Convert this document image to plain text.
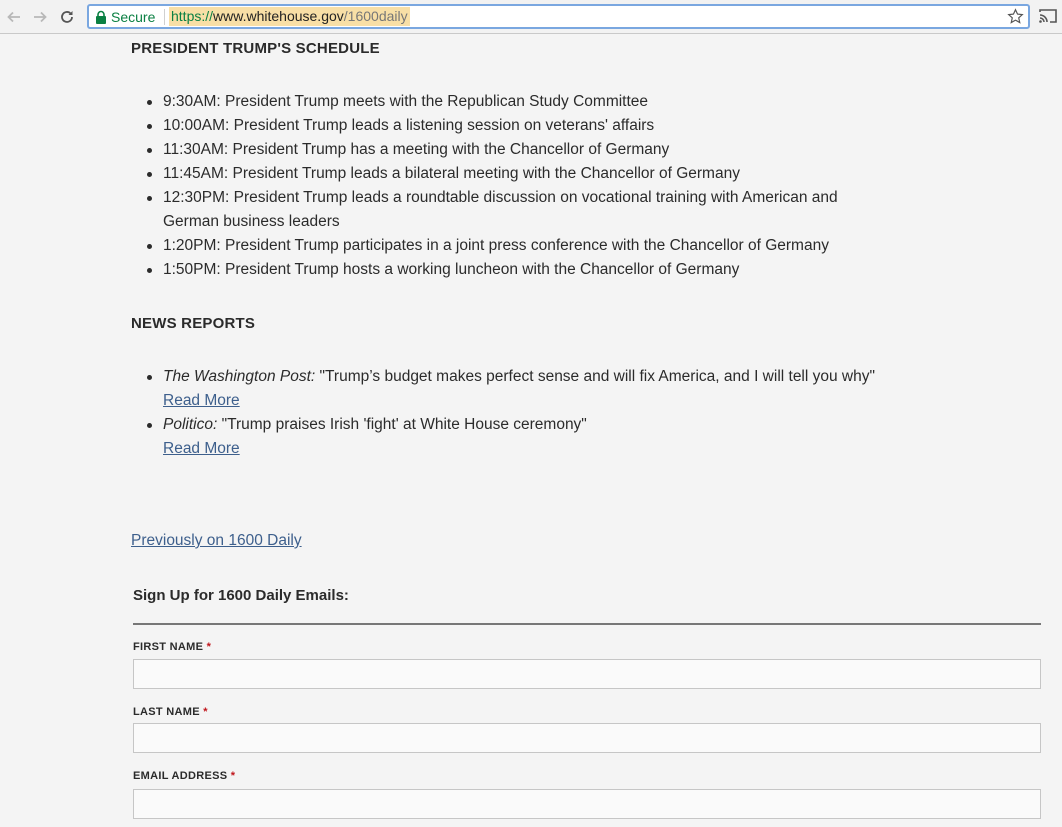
Secure https://www.whitehouse.gov/1600daily
PRESIDENT TRUMP'S SCHEDULE
9:30AM: President Trump meets with the Republican Study Committee
10:00AM: President Trump leads a listening session on veterans' affairs
11:30AM: President Trump has a meeting with the Chancellor of Germany
11:45AM: President Trump leads a bilateral meeting with the Chancellor of Germany
12:30PM: President Trump leads a roundtable discussion on vocational training with American and German business leaders
1:20PM: President Trump participates in a joint press conference with the Chancellor of Germany
1:50PM: President Trump hosts a working luncheon with the Chancellor of Germany
NEWS REPORTS
The Washington Post: "Trump’s budget makes perfect sense and will fix America, and I will tell you why"
Read More
Politico: "Trump praises Irish 'fight' at White House ceremony"
Read More
Previously on 1600 Daily
Sign Up for 1600 Daily Emails:
FIRST NAME *
LAST NAME *
EMAIL ADDRESS *
